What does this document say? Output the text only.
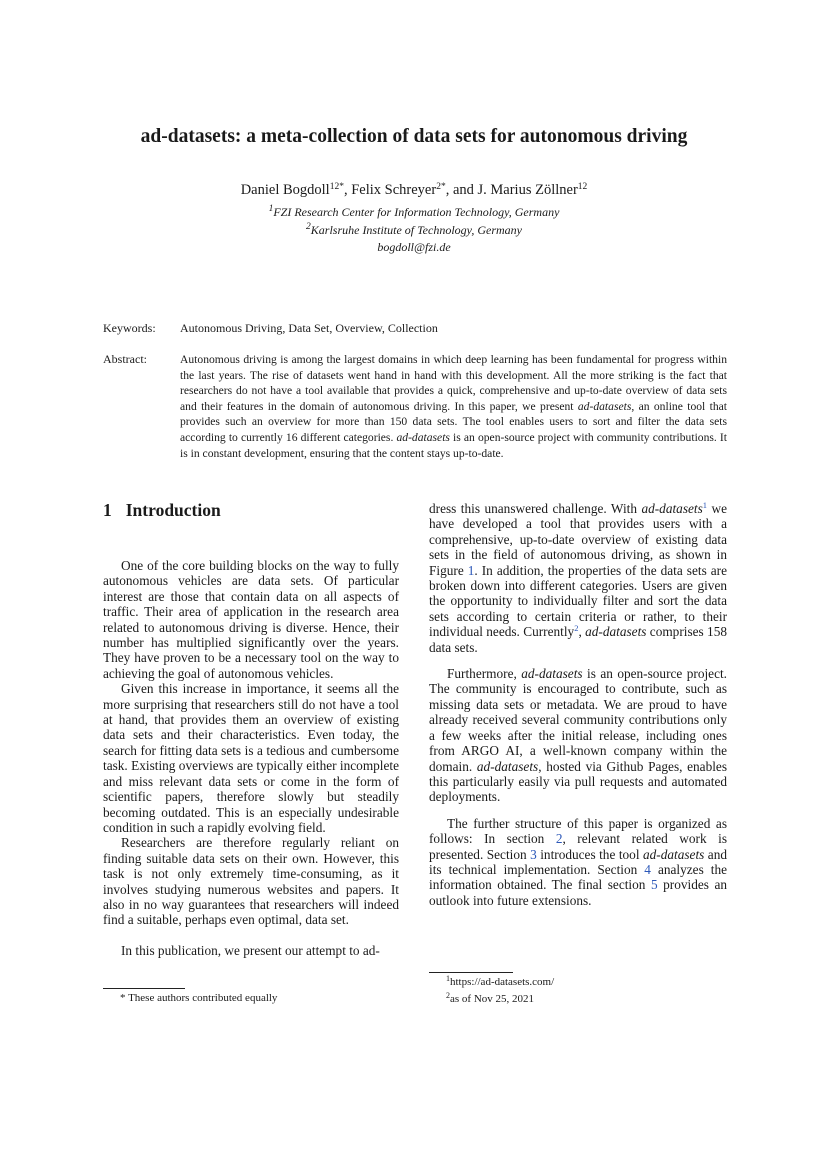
ad-datasets: a meta-collection of data sets for autonomous driving
Daniel Bogdoll$^{12*}$, Felix Schreyer$^{2*}$, and J. Marius Zöllner$^{12}$
$^1$FZI Research Center for Information Technology, Germany
$^2$Karlsruhe Institute of Technology, Germany
bogdoll@fzi.de
Keywords: Autonomous Driving, Data Set, Overview, Collection
Abstract:	Autonomous driving is among the largest domains in which deep learning has been fundamental for progress within the last years. The rise of datasets went hand in hand with this development. All the more striking is the fact that researchers do not have a tool available that provides a quick, comprehensive and up-to-date overview of data sets and their features in the domain of autonomous driving. In this paper, we present ad-datasets, an online tool that provides such an overview for more than 150 data sets. The tool enables users to sort and filter the data sets according to currently 16 different categories. ad-datasets is an open-source project with community contributions. It is in constant development, ensuring that the content stays up-to-date.
1 Introduction

One of the core building blocks on the way to fully autonomous vehicles are data sets. Of particular interest are those that contain data on all aspects of traffic. Their area of application in the research area related to autonomous driving is diverse. Hence, their number has multiplied significantly over the years. They have proven to be a necessary tool on the way to achieving the goal of autonomous vehicles.

Given this increase in importance, it seems all the more surprising that researchers still do not have a tool at hand, that provides them an overview of existing data sets and their characteristics. Even today, the search for fitting data sets is a tedious and cumbersome task. Existing overviews are typically either incomplete and miss relevant data sets or come in the form of scientific papers, therefore slowly but steadily becoming outdated. This is an especially undesirable condition in such a rapidly evolving field.

Researchers are therefore regularly reliant on finding suitable data sets on their own. However, this task is not only extremely time-consuming, as it involves studying numerous websites and papers. It also in no way guarantees that researchers will indeed find a suitable, perhaps even optimal, data set.

In this publication, we present our attempt to ad-

* These authors contributed equally

dress this unanswered challenge. With ad-datasets$^1$ we have developed a tool that provides users with a comprehensive, up-to-date overview of existing data sets in the field of autonomous driving, as shown in Figure 1. In addition, the properties of the data sets are broken down into different categories. Users are given the opportunity to individually filter and sort the data sets according to certain criteria or rather, to their individual needs. Currently$^2$, ad-datasets comprises 158 data sets.

Furthermore, ad-datasets is an open-source project. The community is encouraged to contribute, such as missing data sets or metadata. We are proud to have already received several community contributions only a few weeks after the initial release, including ones from ARGO AI, a well-known company within the domain. ad-datasets, hosted via Github Pages, enables this particularly easily via pull requests and automated deployments.

The further structure of this paper is organized as follows: In section 2, relevant related work is presented. Section 3 introduces the tool ad-datasets and its technical implementation. Section 4 analyzes the information obtained. The final section 5 provides an outlook into future extensions.

$^1$https://ad-datasets.com/
$^2$as of Nov 25, 2021
